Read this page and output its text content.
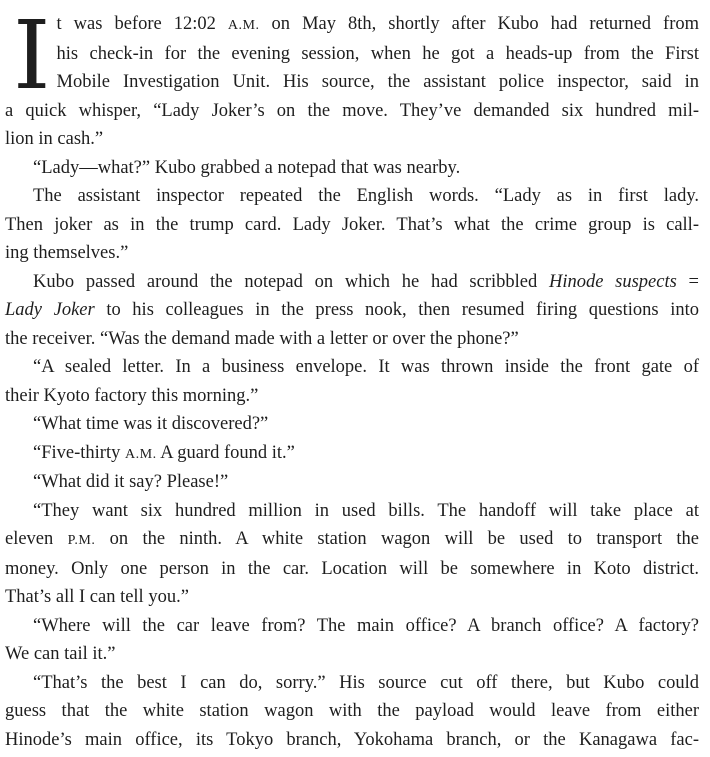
I t was before 12:02 A.M. on May 8th, shortly after Kubo had returned from
his check-in for the evening session, when he got a heads-up from the First
Mobile Investigation Unit. His source, the assistant police inspector, said in
a quick whisper, “Lady Joker’s on the move. They’ve demanded six hundred mil-
lion in cash.”
“Lady—what?” Kubo grabbed a notepad that was nearby.
The assistant inspector repeated the English words. “Lady as in first lady.
Then joker as in the trump card. Lady Joker. That’s what the crime group is call-
ing themselves.”
Kubo passed around the notepad on which he had scribbled Hinode suspects =
Lady Joker to his colleagues in the press nook, then resumed firing questions into
the receiver. “Was the demand made with a letter or over the phone?”
“A sealed letter. In a business envelope. It was thrown inside the front gate of
their Kyoto factory this morning.”
“What time was it discovered?”
“Five-thirty A.M. A guard found it.”
“What did it say? Please!”
“They want six hundred million in used bills. The handoff will take place at
eleven P.M. on the ninth. A white station wagon will be used to transport the
money. Only one person in the car. Location will be somewhere in Koto district.
That’s all I can tell you.”
“Where will the car leave from? The main office? A branch office? A factory?
We can tail it.”
“That’s the best I can do, sorry.” His source cut off there, but Kubo could
guess that the white station wagon with the payload would leave from either
Hinode’s main office, its Tokyo branch, Yokohama branch, or the Kanagawa fac-
